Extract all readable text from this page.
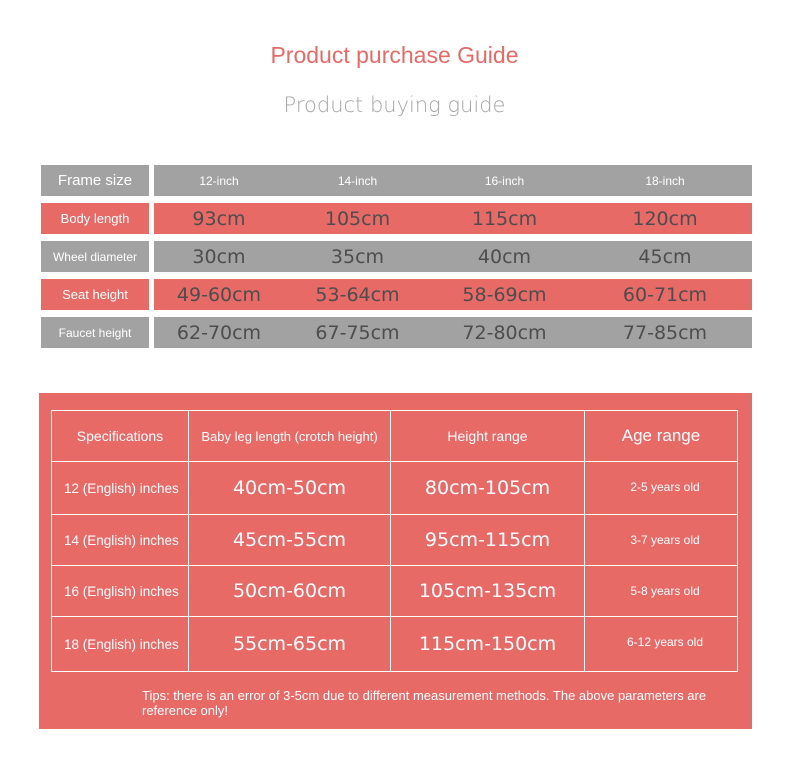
Product purchase Guide
Product buying guide
Frame size	12-inch	14-inch	16-inch	18-inch
Body length	93cm	105cm	115cm	120cm
Wheel diameter	30cm	35cm	40cm	45cm
Seat height	49-60cm	53-64cm	58-69cm	60-71cm
Faucet height	62-70cm	67-75cm	72-80cm	77-85cm
Specifications	Baby leg length (crotch height)	Height range	Age range
12 (English) inches	40cm-50cm	80cm-105cm	2-5 years old
14 (English) inches	45cm-55cm	95cm-115cm	3-7 years old
16 (English) inches	50cm-60cm	105cm-135cm	5-8 years old
18 (English) inches	55cm-65cm	115cm-150cm	6-12 years old
Tips: there is an error of 3-5cm due to different measurement methods. The above parameters are reference only!
